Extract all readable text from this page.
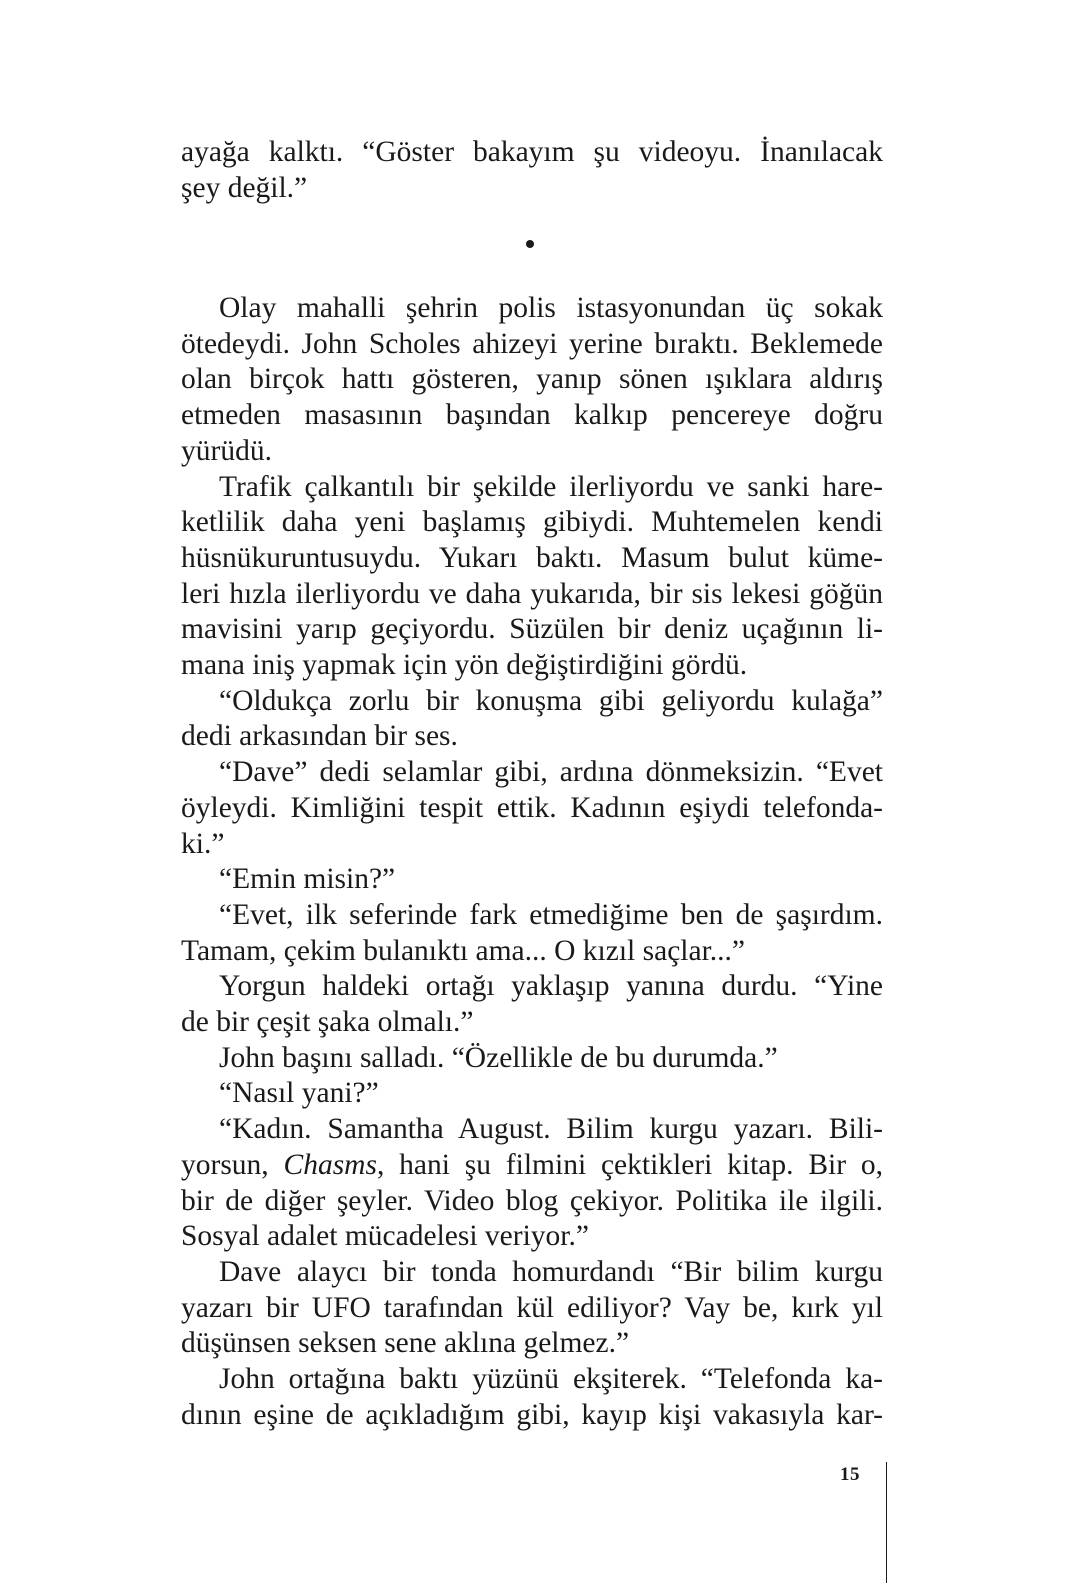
ayağa kalktı. “Göster bakayım şu videoyu. İnanılacak
şey değil.”
Olay mahalli şehrin polis istasyonundan üç sokak
ötedeydi. John Scholes ahizeyi yerine bıraktı. Beklemede
olan birçok hattı gösteren, yanıp sönen ışıklara aldırış
etmeden masasının başından kalkıp pencereye doğru
yürüdü.
Trafik çalkantılı bir şekilde ilerliyordu ve sanki hare-
ketlilik daha yeni başlamış gibiydi. Muhtemelen kendi
hüsnükuruntusuydu. Yukarı baktı. Masum bulut küme-
leri hızla ilerliyordu ve daha yukarıda, bir sis lekesi göğün
mavisini yarıp geçiyordu. Süzülen bir deniz uçağının li-
mana iniş yapmak için yön değiştirdiğini gördü.
“Oldukça zorlu bir konuşma gibi geliyordu kulağa”
dedi arkasından bir ses.
“Dave” dedi selamlar gibi, ardına dönmeksizin. “Evet
öyleydi. Kimliğini tespit ettik. Kadının eşiydi telefonda-
ki.”
“Emin misin?”
“Evet, ilk seferinde fark etmediğime ben de şaşırdım.
Tamam, çekim bulanıktı ama... O kızıl saçlar...”
Yorgun haldeki ortağı yaklaşıp yanına durdu. “Yine
de bir çeşit şaka olmalı.”
John başını salladı. “Özellikle de bu durumda.”
“Nasıl yani?”
“Kadın. Samantha August. Bilim kurgu yazarı. Bili-
yorsun, Chasms, hani şu filmini çektikleri kitap. Bir o,
bir de diğer şeyler. Video blog çekiyor. Politika ile ilgili.
Sosyal adalet mücadelesi veriyor.”
Dave alaycı bir tonda homurdandı “Bir bilim kurgu
yazarı bir UFO tarafından kül ediliyor? Vay be, kırk yıl
düşünsen seksen sene aklına gelmez.”
John ortağına baktı yüzünü ekşiterek. “Telefonda ka-
dının eşine de açıkladığım gibi, kayıp kişi vakasıyla kar-
15
